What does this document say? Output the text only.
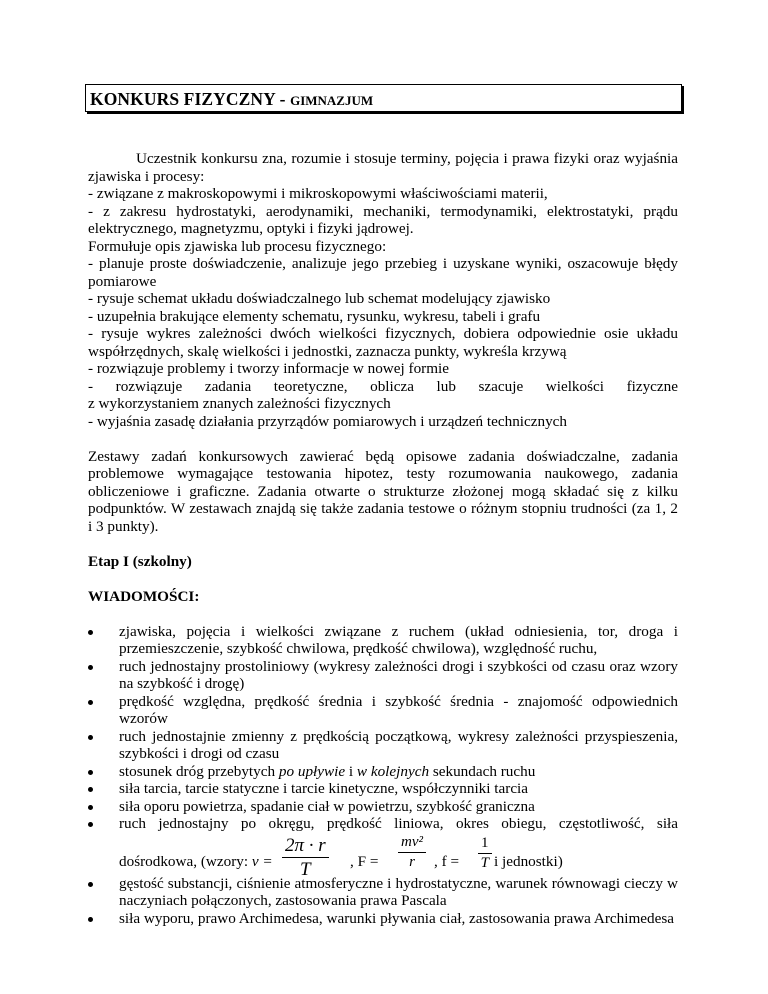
KONKURS FIZYCZNY - GIMNAZJUM

Uczestnik konkursu zna, rozumie i stosuje terminy, pojęcia i prawa fizyki oraz wyjaśnia zjawiska i procesy:

- związane z makroskopowymi i mikroskopowymi właściwościami materii,

- z zakresu hydrostatyki, aerodynamiki, mechaniki, termodynamiki, elektrostatyki, prądu elektrycznego, magnetyzmu, optyki i fizyki jądrowej.

Formułuje opis zjawiska lub procesu fizycznego:

- planuje proste doświadczenie, analizuje jego przebieg i uzyskane wyniki, oszacowuje błędy pomiarowe

- rysuje schemat układu doświadczalnego lub schemat modelujący zjawisko

- uzupełnia brakujące elementy schematu, rysunku, wykresu, tabeli i grafu

- rysuje wykres zależności dwóch wielkości fizycznych, dobiera odpowiednie osie układu współrzędnych, skalę wielkości i jednostki, zaznacza punkty, wykreśla krzywą

- rozwiązuje problemy i tworzy informacje w nowej formie

- rozwiązuje zadania teoretyczne, oblicza lub szacuje wielkości fizyczne

z wykorzystaniem znanych zależności fizycznych

- wyjaśnia zasadę działania przyrządów pomiarowych i urządzeń technicznych

Zestawy zadań konkursowych zawierać będą opisowe zadania doświadczalne, zadania problemowe wymagające testowania hipotez, testy rozumowania naukowego, zadania obliczeniowe i graficzne. Zadania otwarte o strukturze złożonej mogą składać się z kilku podpunktów. W zestawach znajdą się także zadania testowe o różnym stopniu trudności (za 1, 2 i 3 punkty).

Etap I (szkolny)

WIADOMOŚCI:

zjawiska, pojęcia i wielkości związane z ruchem (układ odniesienia, tor, droga i przemieszczenie, szybkość chwilowa, prędkość chwilowa), względność ruchu,
ruch jednostajny prostoliniowy (wykresy zależności drogi i szybkości od czasu oraz wzory na szybkość i drogę)
prędkość względna, prędkość średnia i szybkość średnia - znajomość odpowiednich wzorów
ruch jednostajnie zmienny z prędkością początkową, wykresy zależności przyspieszenia, szybkości i drogi od czasu
stosunek dróg przebytych po upływie i w kolejnych sekundach ruchu
siła tarcia, tarcie statyczne i tarcie kinetyczne, współczynniki tarcia
siła oporu powietrza, spadanie ciał w powietrzu, szybkość graniczna
ruch jednostajny po okręgu, prędkość liniowa, okres obiegu, częstotliwość, siła
dośrodkowa, (wzory: $v = \frac{2\pi \cdot r}{T}$ , $F = \frac{\text{mv²}}{r}$ , $f = \frac{1}{T}$ i jednostki)
gęstość substancji, ciśnienie atmosferyczne i hydrostatyczne, warunek równowagi cieczy w naczyniach połączonych, zastosowania prawa Pascala
siła wyporu, prawo Archimedesa, warunki pływania ciał, zastosowania prawa Archimedesa
